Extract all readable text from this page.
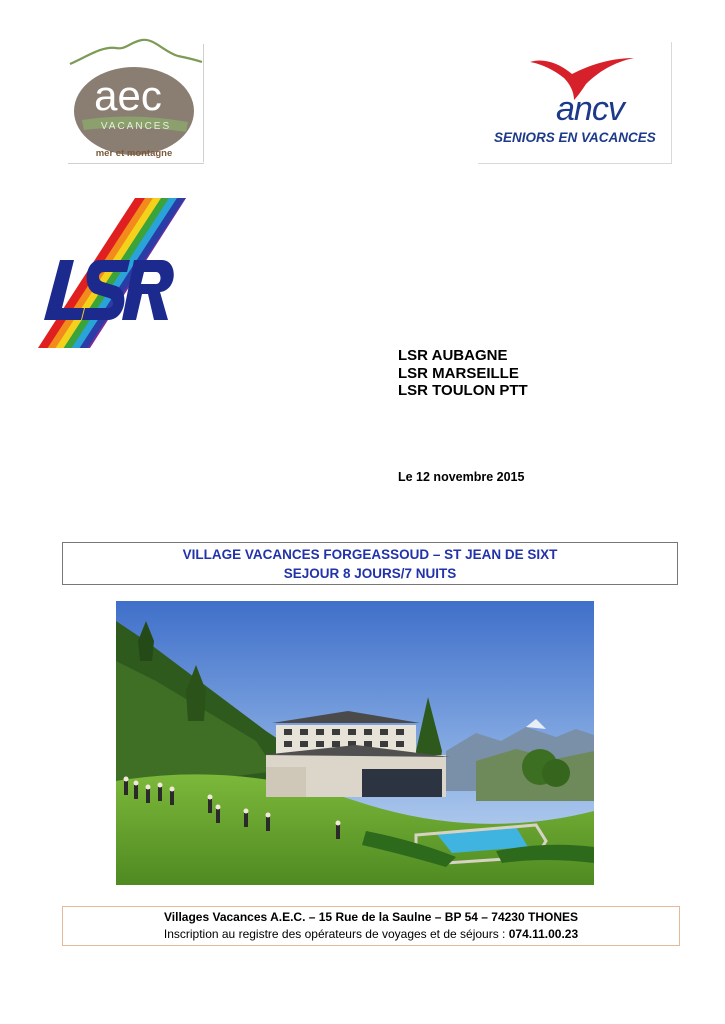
aec
VACANCES
mer et montagne
ancv
SENIORS EN VACANCES
LSR AUBAGNE
LSR MARSEILLE
LSR TOULON PTT
Le 12 novembre 2015
VILLAGE VACANCES FORGEASSOUD – ST JEAN DE SIXT
SEJOUR 8 JOURS/7 NUITS
Villages Vacances A.E.C. – 15 Rue de la Saulne – BP 54 – 74230 THONES
Inscription au registre des opérateurs de voyages et de séjours : 074.11.00.23
